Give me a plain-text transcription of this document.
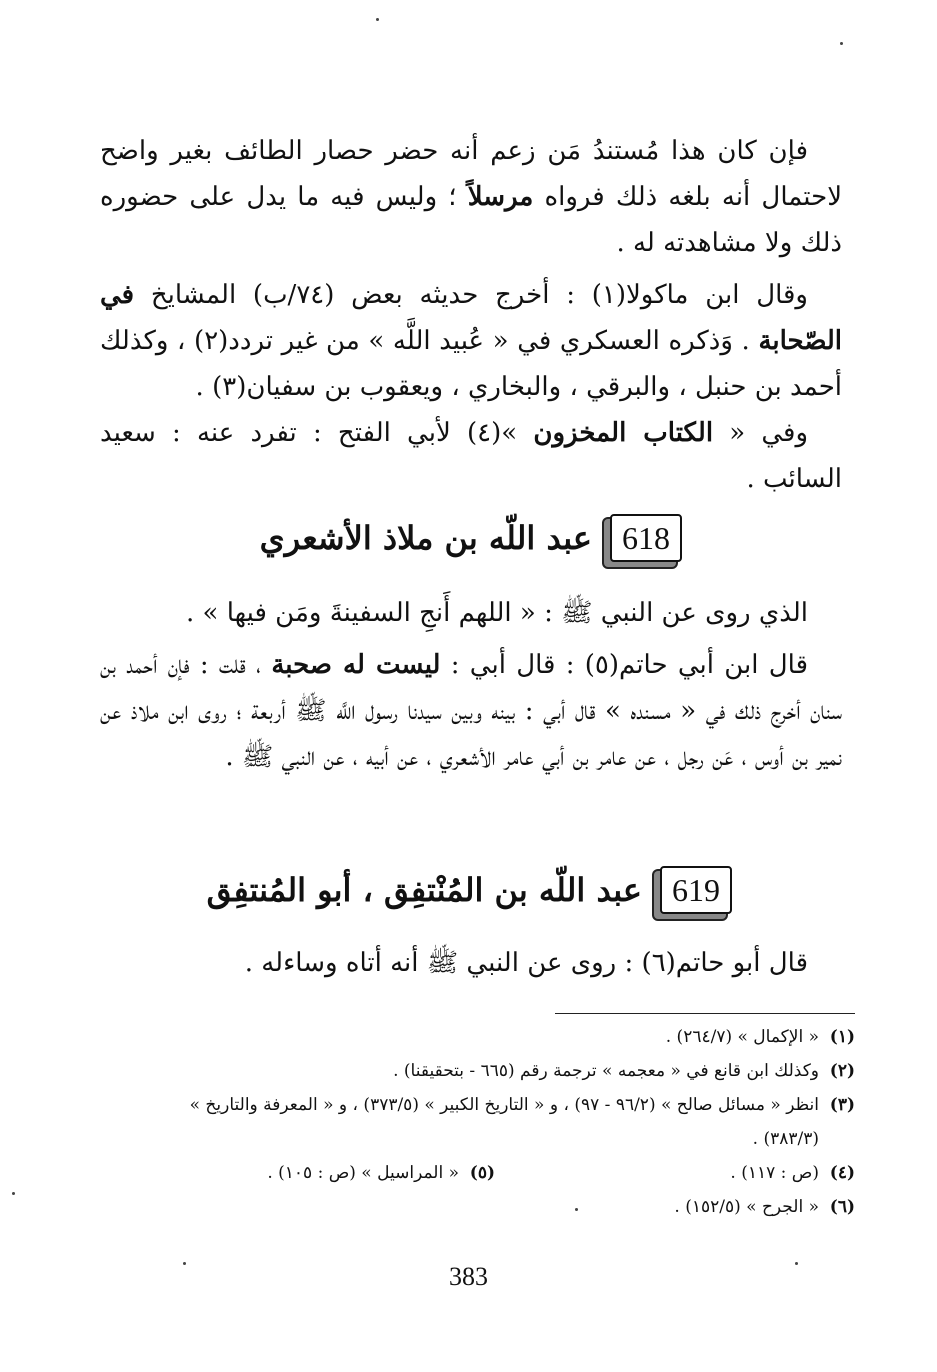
فإن كان هذا مُستندُ مَن زعم أنه حضر حصار الطائف بغير واضح لاحتمال أنه بلغه ذلك فرواه مرسلاً ؛ وليس فيه ما يدل على حضوره ذلك ولا مشاهدته له .

وقال ابن ماكولا(١) : أخرج حديثه بعض (٧٤/ب) المشايخ في الصّحابة . وَذكره العسكري في « عُبيد اللَّه » من غير تردد(٢) ، وكذلك أحمد بن حنبل ، والبرقي ، والبخاري ، ويعقوب بن سفيان(٣) .

وفي « الكتاب المخزون »(٤) لأبي الفتح : تفرد عنه : سعيد السائب .

618
عبد اللّه بن ملاذ الأشعري

الذي روى عن النبي ﷺ : « اللهم أَنجِ السفينةَ ومَن فيها » .

قال ابن أبي حاتم(٥) : قال أبي : ليست له صحبة ، قلت : فإن أحمد بن سنان أخرج ذلك في « مسنده » قال أبي : بينه وبين سيدنا رسول اللَّه ﷺ أربعة ؛ روى ابن ملاذ عن نمير بن أوس ، عَن رجل ، عن عامر بن أبي عامر الأشعري ، عن أبيه ، عن النبي ﷺ .

619
عبد اللّه بن المُنْتفِق ، أبو المُنتفِق

قال أبو حاتم(٦) : روى عن النبي ﷺ أنه أتاه وساءله .

(١)
« الإكمال » (٢٦٤/٧) .
(٢)
وكذلك ابن قانع في « معجمه » ترجمة رقم (٦٦٥ - بتحقيقنا) .
(٣)
انظر « مسائل صالح » (٩٦/٢ - ٩٧) ، و « التاريخ الكبير » (٣٧٣/٥) ، و « المعرفة والتاريخ »
(٣٨٣/٣) .
(٤)
(ص : ١١٧) .
(٥)
« المراسيل » (ص : ١٠٥) .
(٦)
« الجرح » (١٥٢/٥) .
383
